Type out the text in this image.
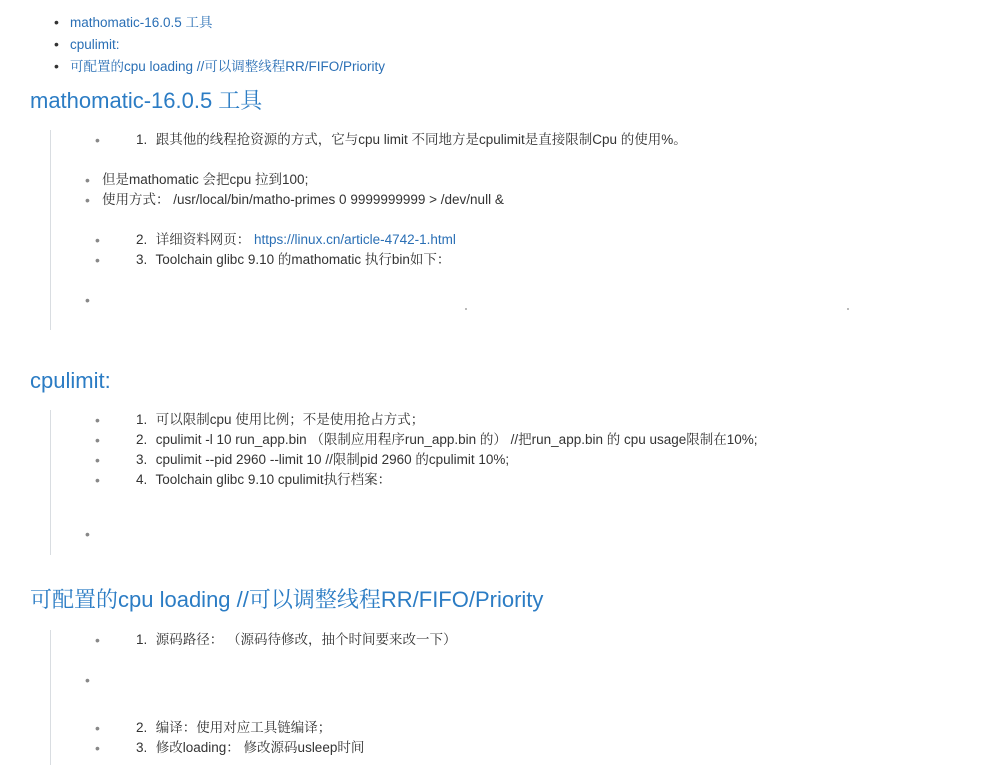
• mathomatic-16.0.5 工具
• cpulimit:
• 可配置的cpu loading //可以调整线程RR/FIFO/Priority
mathomatic-16.0.5 工具
• 1. 跟其他的线程抢资源的方式，它与cpu limit 不同地方是cpulimit是直接限制Cpu 的使用%。
• 但是mathomatic 会把cpu 拉到100;
• 使用方式： /usr/local/bin/matho-primes 0 9999999999 > /dev/null &
• 2. 详细资料网页： https://linux.cn/article-4742-1.html
• 3. Toolchain glibc 9.10 的mathomatic 执行bin如下：
•
cpulimit:
• 1. 可以限制cpu 使用比例；不是使用抢占方式；
• 2. cpulimit -l 10 run_app.bin （限制应用程序run_app.bin 的） //把run_app.bin 的 cpu usage限制在10%;
• 3. cpulimit --pid 2960 --limit 10 //限制pid 2960 的cpulimit 10%;
• 4. Toolchain glibc 9.10 cpulimit执行档案：
•
可配置的cpu loading //可以调整线程RR/FIFO/Priority
• 1. 源码路径： （源码待修改，抽个时间要来改一下）
•
• 2. 编译：使用对应工具链编译；
• 3. 修改loading： 修改源码usleep时间
